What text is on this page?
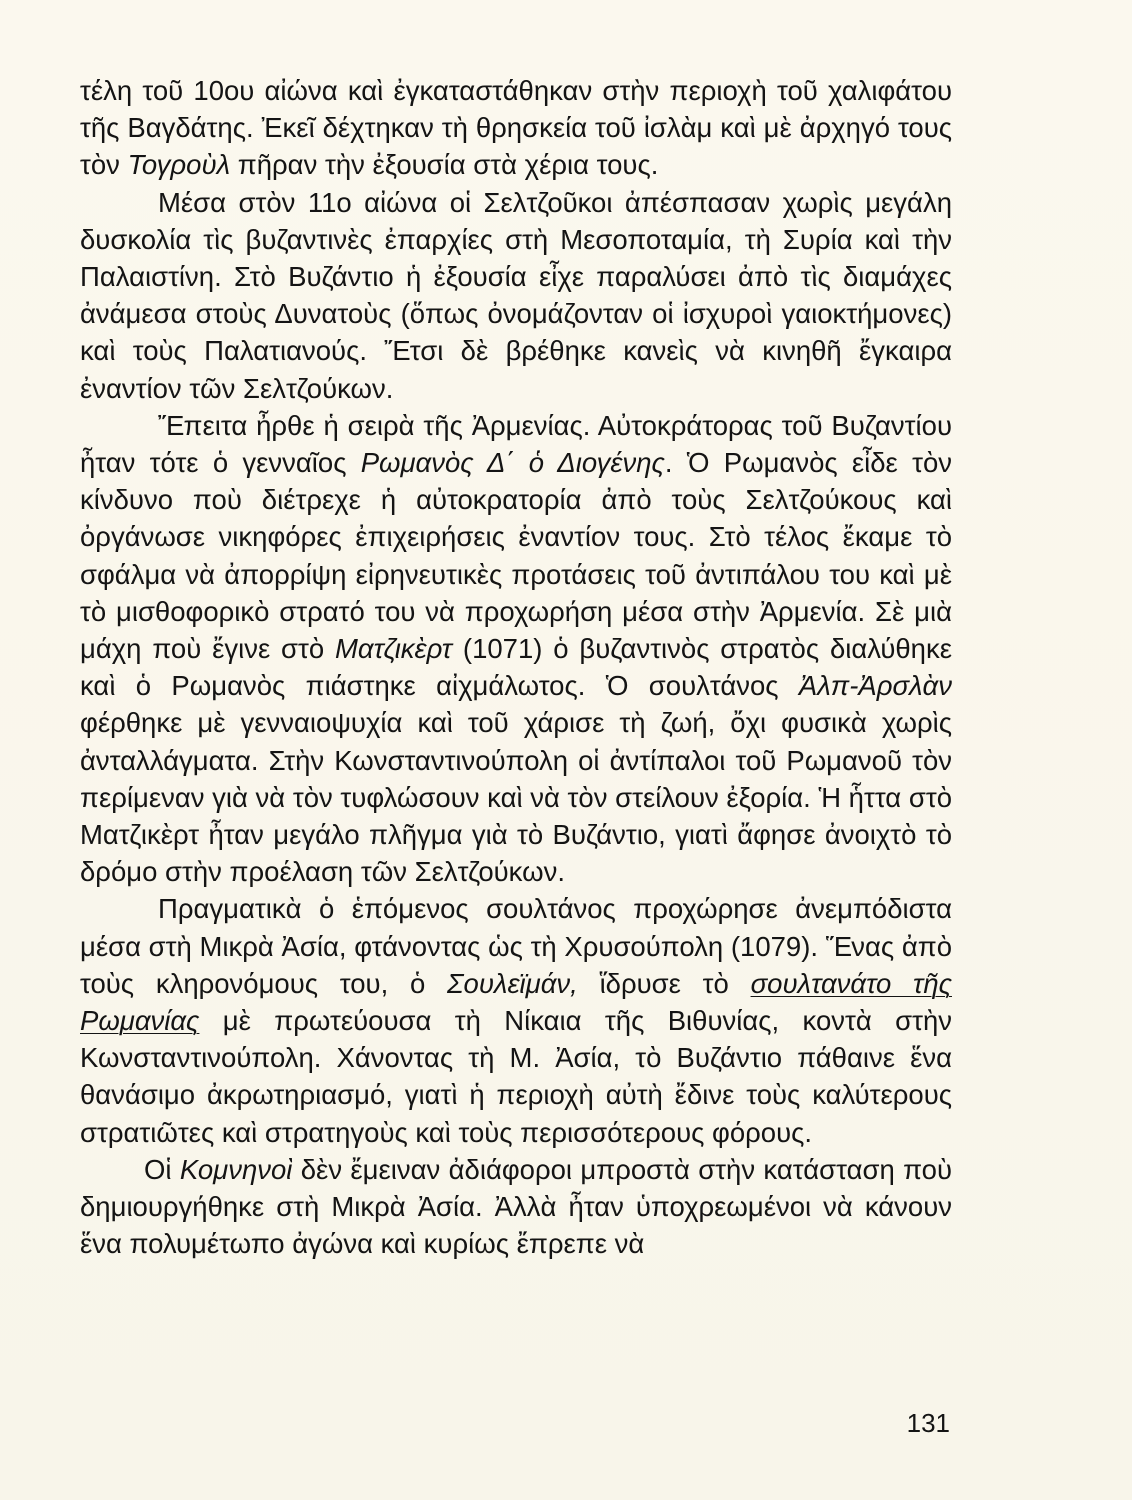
τέλη τοῦ 10ου αἰώνα καὶ ἐγκαταστάθηκαν στὴν περιοχὴ τοῦ χαλιφάτου τῆς Βαγδάτης. Ἐκεῖ δέχτηκαν τὴ θρησκεία τοῦ ἰσλὰμ καὶ μὲ ἀρχηγό τους τὸν Τογροὺλ πῆραν τὴν ἐξουσία στὰ χέρια τους.

Μέσα στὸν 11ο αἰώνα οἱ Σελτζοῦκοι ἀπέσπασαν χωρὶς μεγάλη δυσκολία τὶς βυζαντινὲς ἐπαρχίες στὴ Μεσοποταμία, τὴ Συρία καὶ τὴν Παλαιστίνη. Στὸ Βυζάντιο ἡ ἐξουσία εἶχε παραλύσει ἀπὸ τὶς διαμάχες ἀνάμεσα στοὺς Δυνατοὺς (ὅπως ὀνομάζονταν οἱ ἰσχυροὶ γαιοκτήμονες) καὶ τοὺς Παλατιανούς. Ἔτσι δὲ βρέθηκε κανεὶς νὰ κινηθῆ ἔγκαιρα ἐναντίον τῶν Σελτζούκων.

Ἔπειτα ἦρθε ἡ σειρὰ τῆς Ἀρμενίας. Αὐτοκράτορας τοῦ Βυζαντίου ἦταν τότε ὁ γενναῖος Ρωμανὸς Δ΄ ὁ Διογένης. Ὁ Ρωμανὸς εἶδε τὸν κίνδυνο ποὺ διέτρεχε ἡ αὐτοκρατορία ἀπὸ τοὺς Σελτζούκους καὶ ὀργάνωσε νικηφόρες ἐπιχειρήσεις ἐναντίον τους. Στὸ τέλος ἔκαμε τὸ σφάλμα νὰ ἀπορρίψη εἰρηνευτικὲς προτάσεις τοῦ ἀντιπάλου του καὶ μὲ τὸ μισθοφορικὸ στρατό του νὰ προχωρήση μέσα στὴν Ἀρμενία. Σὲ μιὰ μάχη ποὺ ἔγινε στὸ Ματζικὲρτ (1071) ὁ βυζαντινὸς στρατὸς διαλύθηκε καὶ ὁ Ρωμανὸς πιάστηκε αἰχμάλωτος. Ὁ σουλτάνος Ἀλπ-Ἀρσλὰν φέρθηκε μὲ γενναιοψυχία καὶ τοῦ χάρισε τὴ ζωή, ὄχι φυσικὰ χωρὶς ἀνταλλάγματα. Στὴν Κωνσταντινούπολη οἱ ἀντίπαλοι τοῦ Ρωμανοῦ τὸν περίμεναν γιὰ νὰ τὸν τυφλώσουν καὶ νὰ τὸν στείλουν ἐξορία. Ἡ ἧττα στὸ Ματζικὲρτ ἦταν μεγάλο πλῆγμα γιὰ τὸ Βυζάντιο, γιατὶ ἄφησε ἀνοιχτὸ τὸ δρόμο στὴν προέλαση τῶν Σελτζούκων.

Πραγματικὰ ὁ ἑπόμενος σουλτάνος προχώρησε ἀνεμπόδιστα μέσα στὴ Μικρὰ Ἀσία, φτάνοντας ὡς τὴ Χρυσούπολη (1079). Ἕνας ἀπὸ τοὺς κληρονόμους του, ὁ Σουλεϊμάν, ἵδρυσε τὸ σουλτανάτο τῆς Ρωμανίας μὲ πρωτεύουσα τὴ Νίκαια τῆς Βιθυνίας, κοντὰ στὴν Κωνσταντινούπολη. Χάνοντας τὴ Μ. Ἀσία, τὸ Βυζάντιο πάθαινε ἕνα θανάσιμο ἀκρωτηριασμό, γιατὶ ἡ περιοχὴ αὐτὴ ἔδινε τοὺς καλύτερους στρατιῶτες καὶ στρατηγοὺς καὶ τοὺς περισσότερους φόρους.

Οἱ Κομνηνοὶ δὲν ἔμειναν ἀδιάφοροι μπροστὰ στὴν κατάσταση ποὺ δημιουργήθηκε στὴ Μικρὰ Ἀσία. Ἀλλὰ ἦταν ὑποχρεωμένοι νὰ κάνουν ἕνα πολυμέτωπο ἀγώνα καὶ κυρίως ἔπρεπε νὰ

131
